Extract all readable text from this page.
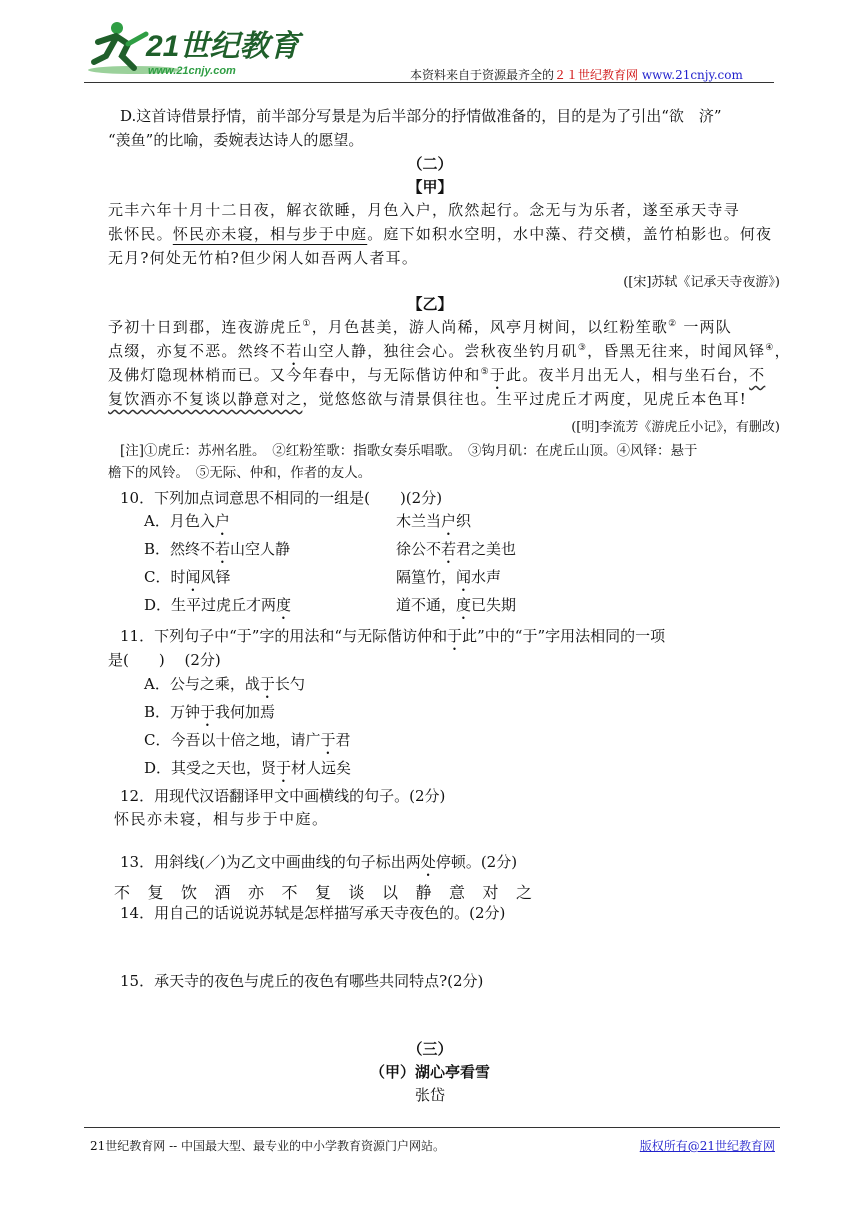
21世纪教育
www.21cnjy.com	本资料来自于资源最齐全的２１世纪教育网 www.21cnjy.com
D.这首诗借景抒情，前半部分写景是为后半部分的抒情做准备的，目的是为了引出“欲　济”
“羡鱼”的比喻，委婉表达诗人的愿望。
（二）
【甲】
元丰六年十月十二日夜，解衣欲睡，月色入户，欣然起行。念无与为乐者，遂至承天寺寻
张怀民。怀民亦未寝，相与步于中庭。庭下如积水空明，水中藻、荇交横，盖竹柏影也。何夜
无月?何处无竹柏?但少闲人如吾两人者耳。
([宋]苏轼《记承天寺夜游》)
【乙】
予初十日到郡，连夜游虎丘①，月色甚美，游人尚稀，风亭月树间，以红粉笙歌② 一两队
点缀，亦复不恶。然终不若山空人静，独往会心。尝秋夜坐钓月矶③，昏黑无往来，时闻风铎④，
及佛灯隐现林梢而已。又今年春中，与无际偕访仲和⑤于此。夜半月出无人，相与坐石台，不
复饮酒亦不复谈以静意对之，觉悠悠欲与清景俱往也。生平过虎丘才两度，见虎丘本色耳!
([明]李流芳《游虎丘小记》，有删改)
[注]①虎丘：苏州名胜。　②红粉笙歌：指歌女奏乐唱歌。　③钩月矶：在虎丘山顶。④风铎：悬于
檐下的风铃。　⑤无际、仲和，作者的友人。
10．下列加点词意思不相同的一组是(　　)(2分)
A．月色入户	木兰当户织
B．然终不若山空人静	徐公不若君之美也
C．时闻风铎	隔篁竹，闻水声
D．生平过虎丘才两度	道不通，度已失期
11．下列句子中“于”字的用法和“与无际偕访仲和于此”中的“于”字用法相同的一项
是(　　)　 (2分)
A．公与之乘，战于长勺
B．万钟于我何加焉
C．今吾以十倍之地，请广于君
D．其受之天也，贤于材人远矣
12．用现代汉语翻译甲文中画横线的句子。(2分)
怀民亦未寝，相与步于中庭。
13．用斜线(／)为乙文中画曲线的句子标出两处停顿。(2分)
不 复 饮 酒 亦 不 复 谈 以 静 意 对 之
14．用自己的话说说苏轼是怎样描写承天寺夜色的。(2分)
15．承天寺的夜色与虎丘的夜色有哪些共同特点?(2分)
（三）
（甲）湖心亭看雪
张岱
21世纪教育网 -- 中国最大型、最专业的中小学教育资源门户网站。	版权所有@21世纪教育网
